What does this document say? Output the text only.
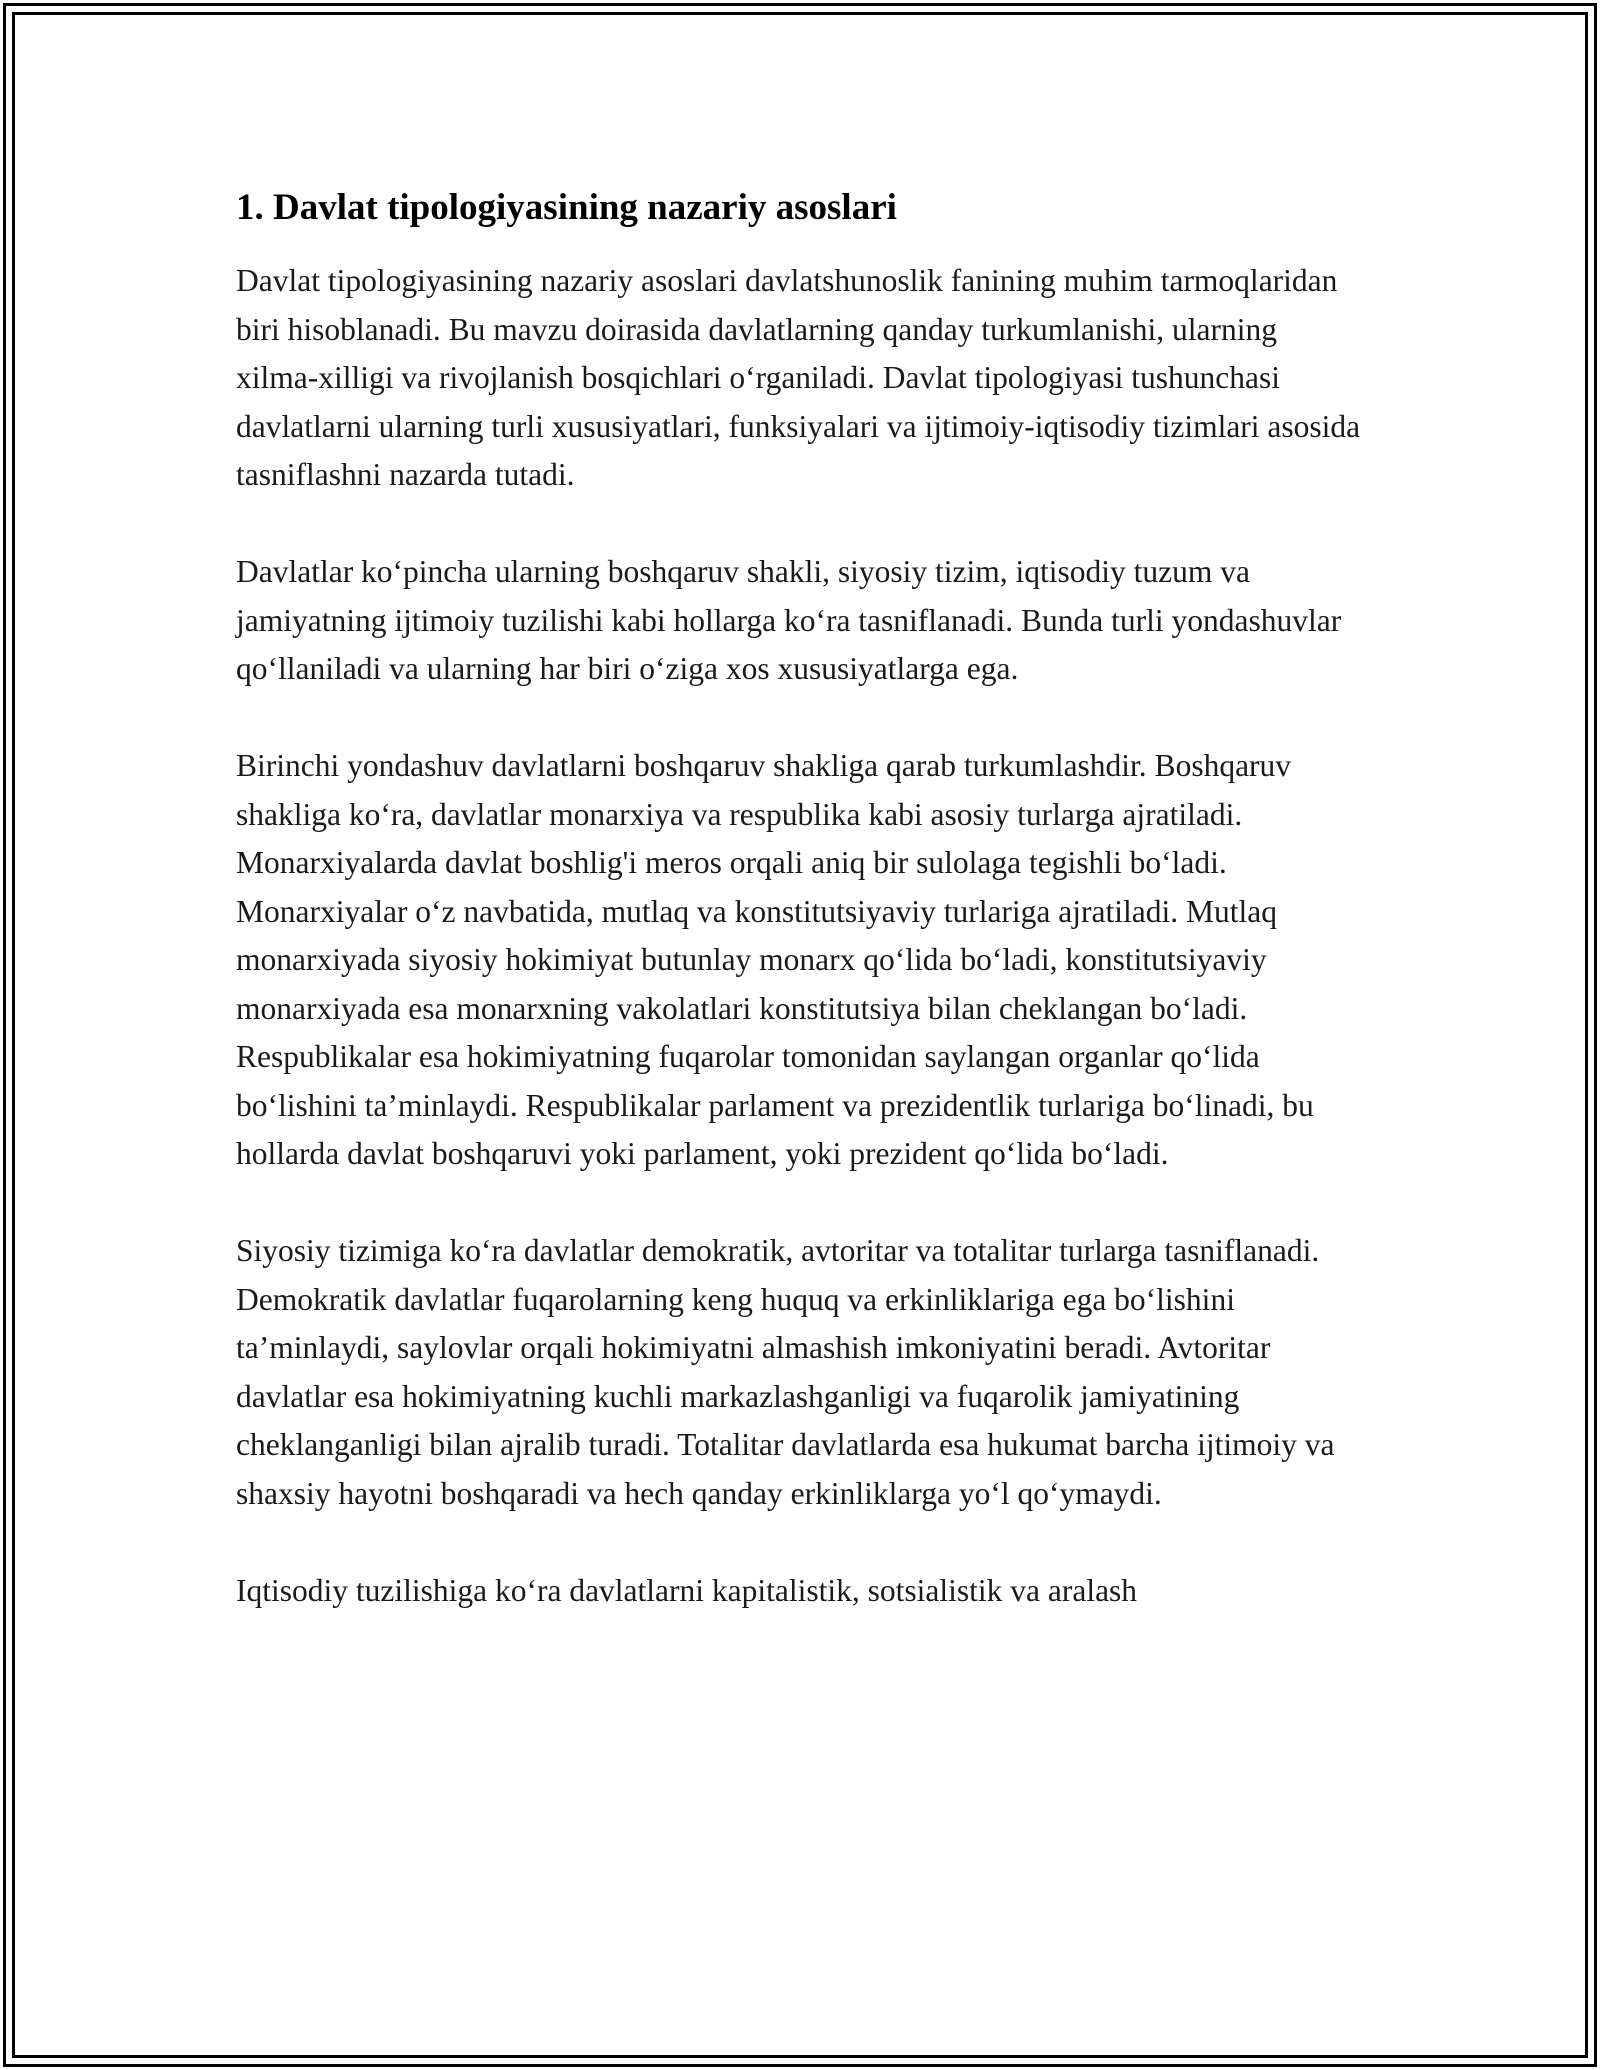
1. Davlat tipologiyasining nazariy asoslari

Davlat tipologiyasining nazariy asoslari davlatshunoslik fanining muhim tarmoqlaridan biri hisoblanadi. Bu mavzu doirasida davlatlarning qanday turkumlanishi, ularning xilma-xilligi va rivojlanish bosqichlari o‘rganiladi. Davlat tipologiyasi tushunchasi davlatlarni ularning turli xususiyatlari, funksiyalari va ijtimoiy-iqtisodiy tizimlari asosida tasniflashni nazarda tutadi.

Davlatlar ko‘pincha ularning boshqaruv shakli, siyosiy tizim, iqtisodiy tuzum va jamiyatning ijtimoiy tuzilishi kabi hollarga ko‘ra tasniflanadi. Bunda turli yondashuvlar qo‘llaniladi va ularning har biri o‘ziga xos xususiyatlarga ega.

Birinchi yondashuv davlatlarni boshqaruv shakliga qarab turkumlashdir. Boshqaruv shakliga ko‘ra, davlatlar monarxiya va respublika kabi asosiy turlarga ajratiladi. Monarxiyalarda davlat boshlig'i meros orqali aniq bir sulolaga tegishli bo‘ladi. Monarxiyalar o‘z navbatida, mutlaq va konstitutsiyaviy turlariga ajratiladi. Mutlaq monarxiyada siyosiy hokimiyat butunlay monarx qo‘lida bo‘ladi, konstitutsiyaviy monarxiyada esa monarxning vakolatlari konstitutsiya bilan cheklangan bo‘ladi. Respublikalar esa hokimiyatning fuqarolar tomonidan saylangan organlar qo‘lida bo‘lishini ta’minlaydi. Respublikalar parlament va prezidentlik turlariga bo‘linadi, bu hollarda davlat boshqaruvi yoki parlament, yoki prezident qo‘lida bo‘ladi.

Siyosiy tizimiga ko‘ra davlatlar demokratik, avtoritar va totalitar turlarga tasniflanadi. Demokratik davlatlar fuqarolarning keng huquq va erkinliklariga ega bo‘lishini ta’minlaydi, saylovlar orqali hokimiyatni almashish imkoniyatini beradi. Avtoritar davlatlar esa hokimiyatning kuchli markazlashganligi va fuqarolik jamiyatining cheklanganligi bilan ajralib turadi. Totalitar davlatlarda esa hukumat barcha ijtimoiy va shaxsiy hayotni boshqaradi va hech qanday erkinliklarga yo‘l qo‘ymaydi.

Iqtisodiy tuzilishiga ko‘ra davlatlarni kapitalistik, sotsialistik va aralash
